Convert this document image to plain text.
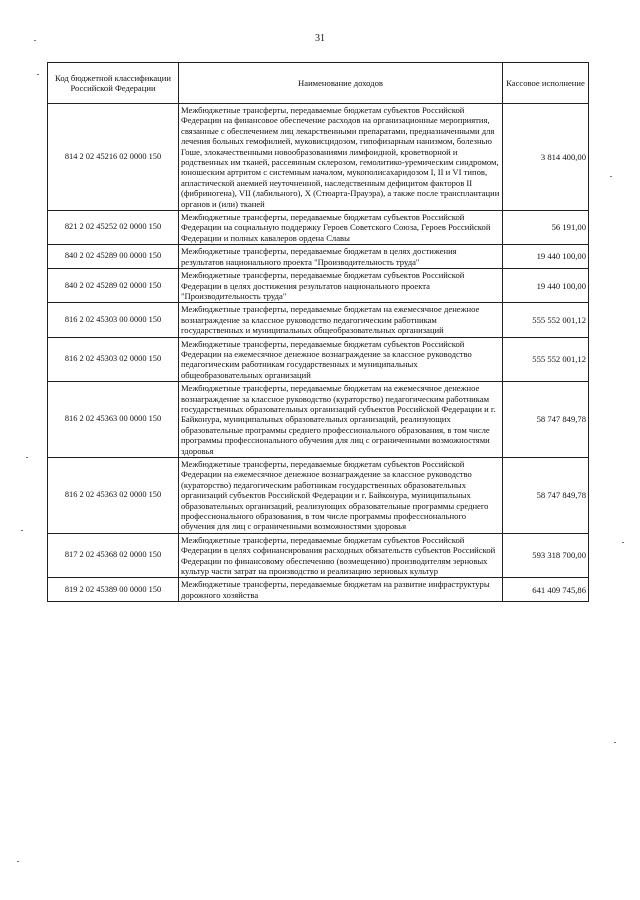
31
Код бюджетной классификации Российской Федерации	Наименование доходов	Кассовое исполнение
814 2 02 45216 02 0000 150	Межбюджетные трансферты, передаваемые бюджетам субъектов Российской Федерации на финансовое обеспечение расходов на организационные мероприятия, связанные с обеспечением лиц лекарственными препаратами, предназначенными для лечения больных гемофилией, муковисцидозом, гипофизарным нанизмом, болезнью Гоше, злокачественными новообразованиями лимфоидной, кроветворной и родственных им тканей, рассеянным склерозом, гемолитико-уремическим синдромом, юношеским артритом с системным началом, мукополисахаридозом I, II и VI типов, апластической анемией неуточненной, наследственным дефицитом факторов II (фибриногена), VII (лабильного), X (Стюарта-Прауэра), а также после трансплантации органов и (или) тканей	3 814 400,00
821 2 02 45252 02 0000 150	Межбюджетные трансферты, передаваемые бюджетам субъектов Российской Федерации на социальную поддержку Героев Советского Союза, Героев Российской Федерации и полных кавалеров ордена Славы	56 191,00
840 2 02 45289 00 0000 150	Межбюджетные трансферты, передаваемые бюджетам в целях достижения результатов национального проекта "Производительность труда"	19 440 100,00
840 2 02 45289 02 0000 150	Межбюджетные трансферты, передаваемые бюджетам субъектов Российской Федерации в целях достижения результатов национального проекта "Производительность труда"	19 440 100,00
816 2 02 45303 00 0000 150	Межбюджетные трансферты, передаваемые бюджетам на ежемесячное денежное вознаграждение за классное руководство педагогическим работникам государственных и муниципальных общеобразовательных организаций	555 552 001,12
816 2 02 45303 02 0000 150	Межбюджетные трансферты, передаваемые бюджетам субъектов Российской Федерации на ежемесячное денежное вознаграждение за классное руководство педагогическим работникам государственных и муниципальных общеобразовательных организаций	555 552 001,12
816 2 02 45363 00 0000 150	Межбюджетные трансферты, передаваемые бюджетам на ежемесячное денежное вознаграждение за классное руководство (кураторство) педагогическим работникам государственных образовательных организаций субъектов Российской Федерации и г. Байконура, муниципальных образовательных организаций, реализующих образовательные программы среднего профессионального образования, в том числе программы профессионального обучения для лиц с ограниченными возможностями здоровья	58 747 849,78
816 2 02 45363 02 0000 150	Межбюджетные трансферты, передаваемые бюджетам субъектов Российской Федерации на ежемесячное денежное вознаграждение за классное руководство (кураторство) педагогическим работникам государственных образовательных организаций субъектов Российской Федерации и г. Байконура, муниципальных образовательных организаций, реализующих образовательные программы среднего профессионального образования, в том числе программы профессионального обучения для лиц с ограниченными возможностями здоровья	58 747 849,78
817 2 02 45368 02 0000 150	Межбюджетные трансферты, передаваемые бюджетам субъектов Российской Федерации в целях софинансирования расходных обязательств субъектов Российской Федерации по финансовому обеспечению (возмещению) производителям зерновых культур части затрат на производство и реализацию зерновых культур	593 318 700,00
819 2 02 45389 00 0000 150	Межбюджетные трансферты, передаваемые бюджетам на развитие инфраструктуры дорожного хозяйства	641 409 745,86
